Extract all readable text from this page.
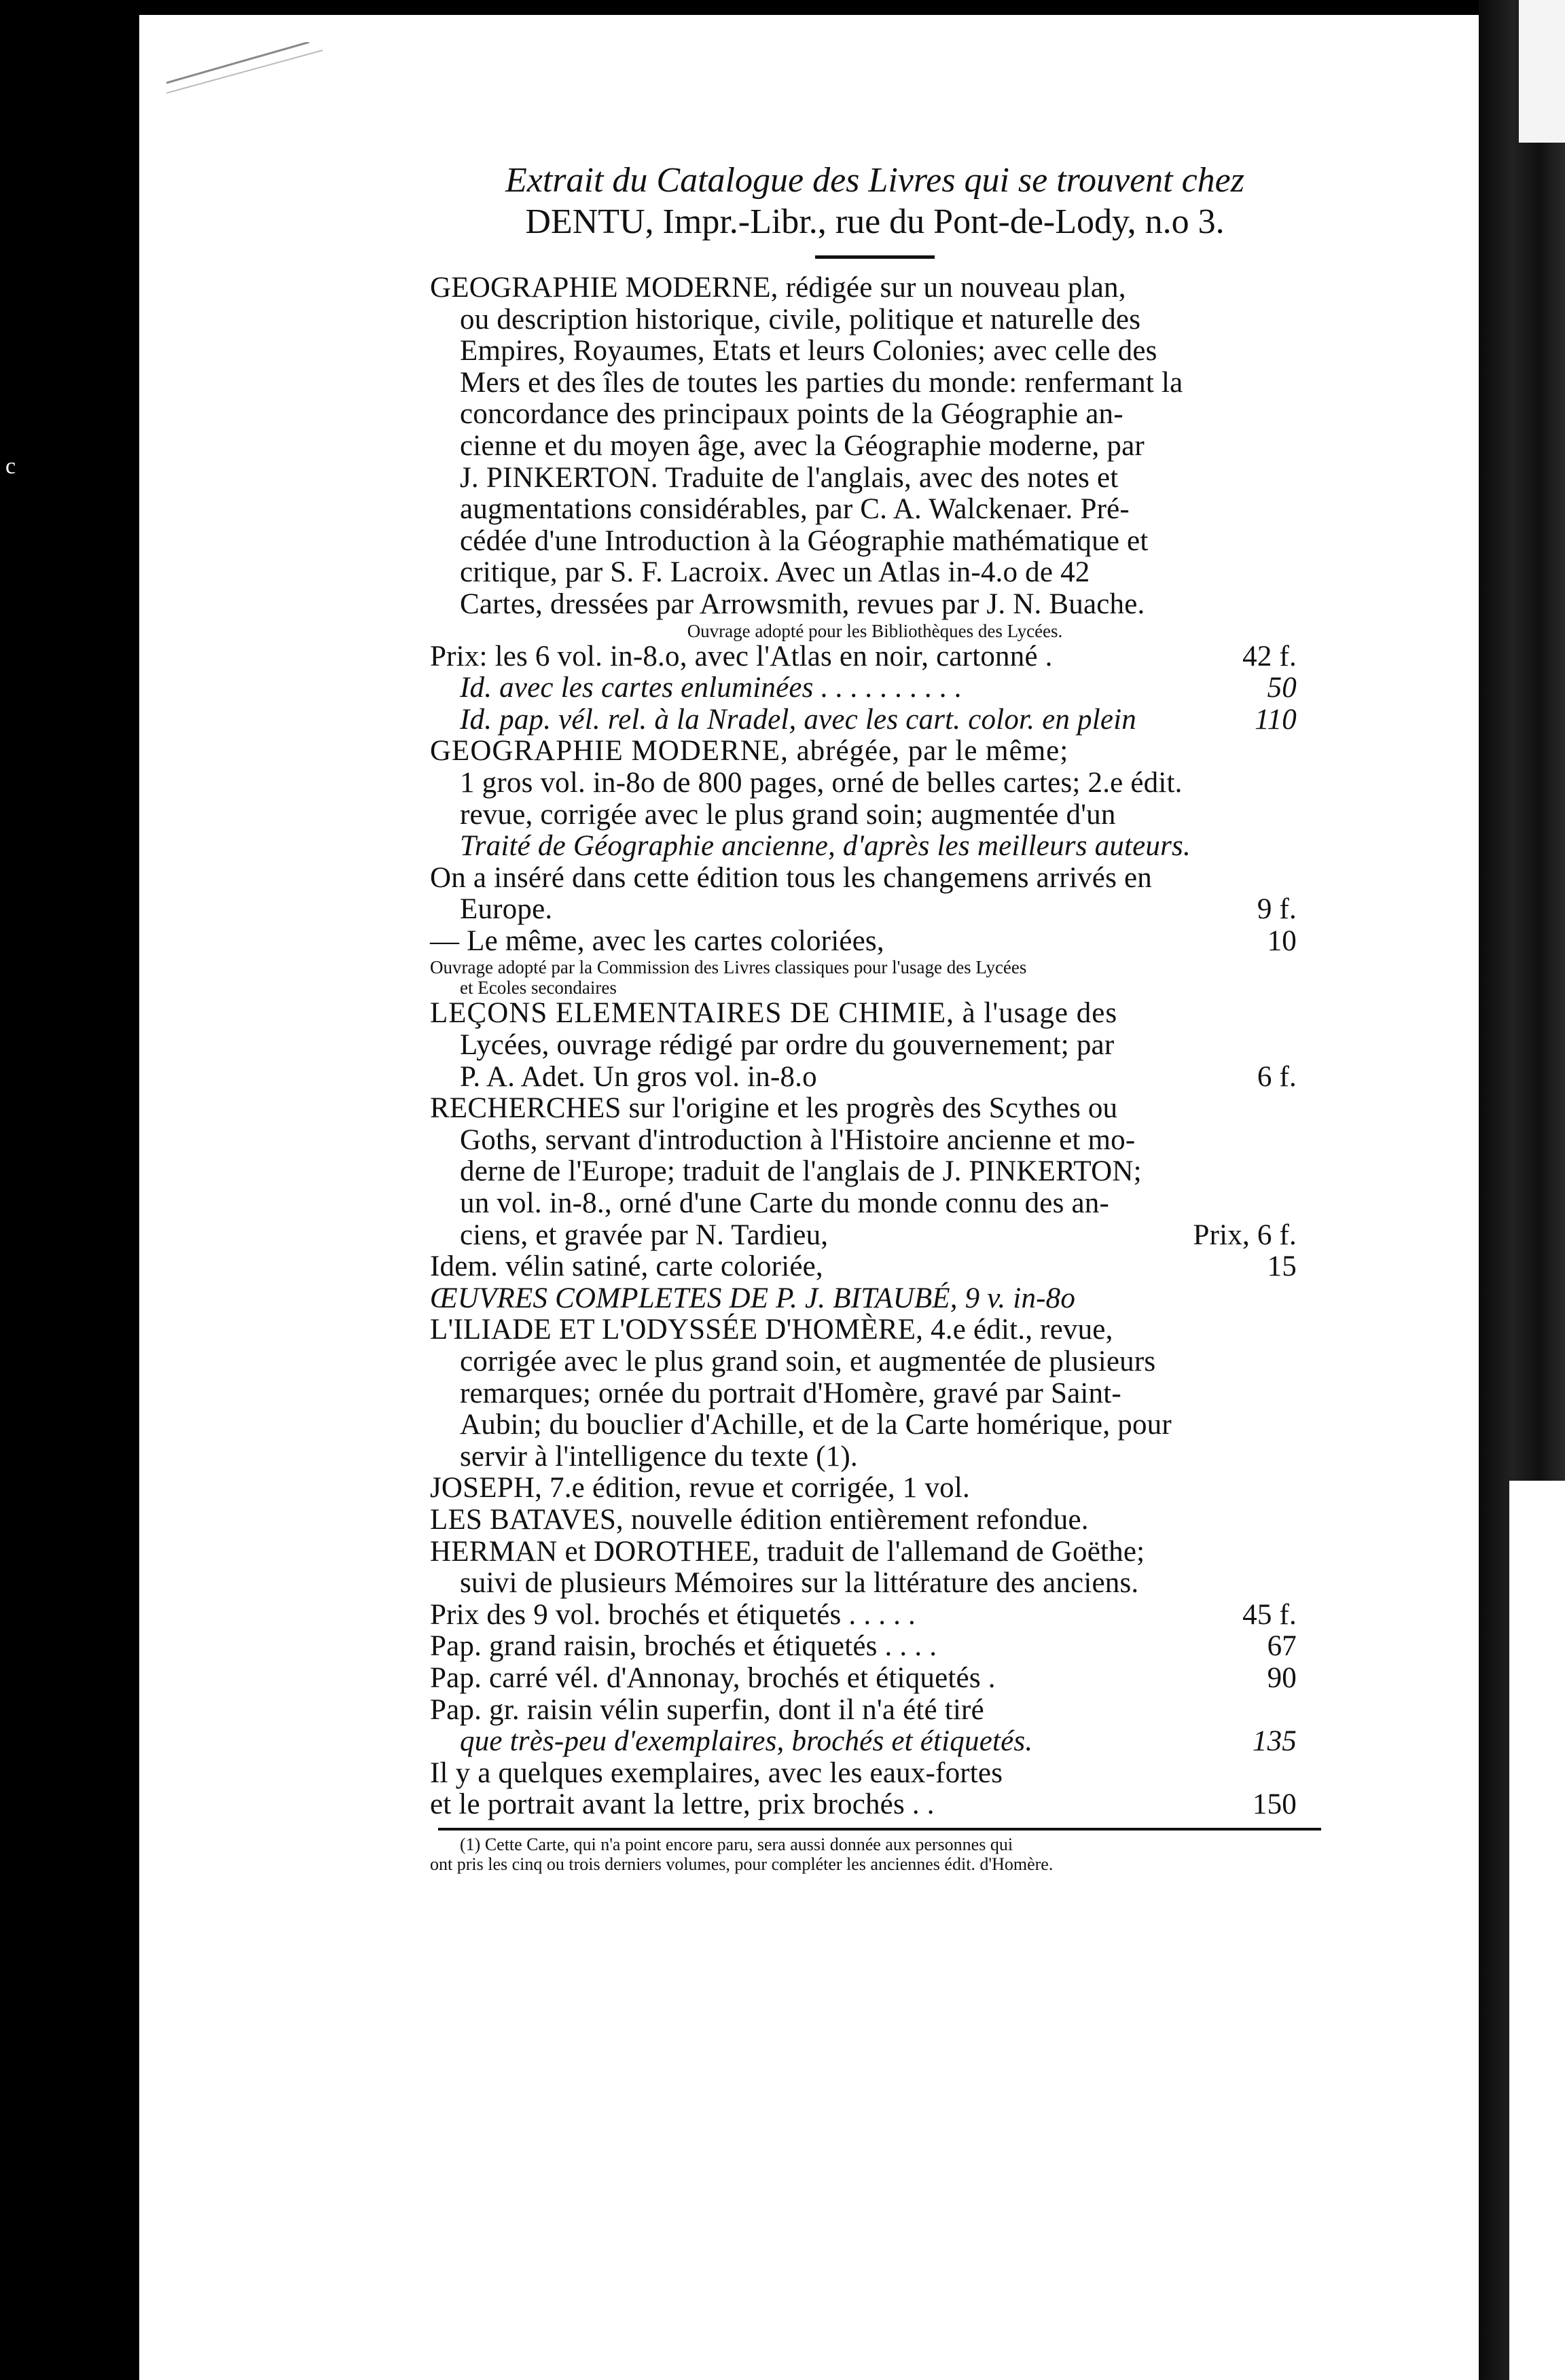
c
Extrait du Catalogue des Livres qui se trouvent chez
DENTU, Impr.-Libr., rue du Pont-de-Lody, n.o 3.
GEOGRAPHIE MODERNE, rédigée sur un nouveau plan,
ou description historique, civile, politique et naturelle des
Empires, Royaumes, Etats et leurs Colonies; avec celle des
Mers et des îles de toutes les parties du monde: renfermant la
concordance des principaux points de la Géographie an-
cienne et du moyen âge, avec la Géographie moderne, par
J. PINKERTON. Traduite de l'anglais, avec des notes et
augmentations considérables, par C. A. Walckenaer. Pré-
cédée d'une Introduction à la Géographie mathématique et
critique, par S. F. Lacroix. Avec un Atlas in-4.o de 42
Cartes, dressées par Arrowsmith, revues par J. N. Buache.
Ouvrage adopté pour les Bibliothèques des Lycées.
Prix: les 6 vol. in-8.o, avec l'Atlas en noir, cartonné .	42 f.
Id. avec les cartes enluminées . . . . . . . . . .	50
Id. pap. vél. rel. à la Nradel, avec les cart. color. en plein	110
GEOGRAPHIE MODERNE, abrégée, par le même;
1 gros vol. in-8o de 800 pages, orné de belles cartes; 2.e édit.
revue, corrigée avec le plus grand soin; augmentée d'un
Traité de Géographie ancienne, d'après les meilleurs auteurs.
On a inséré dans cette édition tous les changemens arrivés en
Europe.	9 f.
— Le même, avec les cartes coloriées,	10
Ouvrage adopté par la Commission des Livres classiques pour l'usage des Lycées
et Ecoles secondaires
LEÇONS ELEMENTAIRES DE CHIMIE, à l'usage des
Lycées, ouvrage rédigé par ordre du gouvernement; par
P. A. Adet. Un gros vol. in-8.o	6 f.
RECHERCHES sur l'origine et les progrès des Scythes ou
Goths, servant d'introduction à l'Histoire ancienne et mo-
derne de l'Europe; traduit de l'anglais de J. PINKERTON;
un vol. in-8., orné d'une Carte du monde connu des an-
ciens, et gravée par N. Tardieu,	Prix, 6 f.
Idem. vélin satiné, carte coloriée,	15
ŒUVRES COMPLETES DE P. J. BITAUBÉ, 9 v. in-8o
L'ILIADE ET L'ODYSSÉE D'HOMÈRE, 4.e édit., revue,
corrigée avec le plus grand soin, et augmentée de plusieurs
remarques; ornée du portrait d'Homère, gravé par Saint-
Aubin; du bouclier d'Achille, et de la Carte homérique, pour
servir à l'intelligence du texte (1).
JOSEPH, 7.e édition, revue et corrigée, 1 vol.
LES BATAVES, nouvelle édition entièrement refondue.
HERMAN et DOROTHEE, traduit de l'allemand de Goëthe;
suivi de plusieurs Mémoires sur la littérature des anciens.
Prix des 9 vol. brochés et étiquetés . . . . .	45 f.
Pap. grand raisin, brochés et étiquetés . . . .	67
Pap. carré vél. d'Annonay, brochés et étiquetés .	90
Pap. gr. raisin vélin superfin, dont il n'a été tiré
que très-peu d'exemplaires, brochés et étiquetés.	135
Il y a quelques exemplaires, avec les eaux-fortes
et le portrait avant la lettre, prix brochés . .	150
(1) Cette Carte, qui n'a point encore paru, sera aussi donnée aux personnes qui
ont pris les cinq ou trois derniers volumes, pour compléter les anciennes édit. d'Homère.
